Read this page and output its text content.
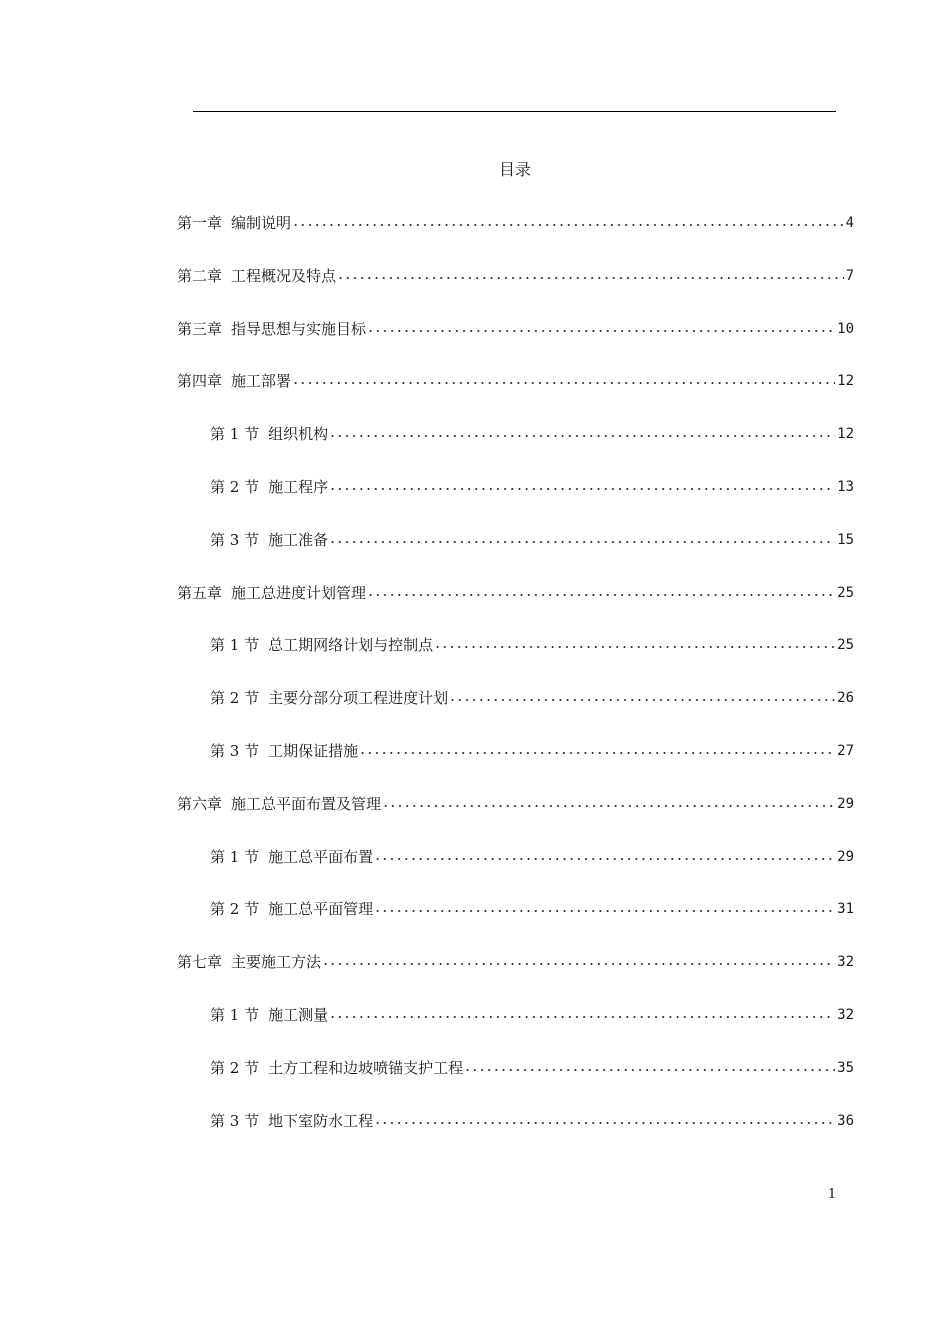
目录
第一章 编制说明	4
第二章 工程概况及特点	7
第三章 指导思想与实施目标	10
第四章 施工部署	12
第 1 节 组织机构	12
第 2 节 施工程序	13
第 3 节 施工准备	15
第五章 施工总进度计划管理	25
第 1 节 总工期网络计划与控制点	25
第 2 节 主要分部分项工程进度计划	26
第 3 节 工期保证措施	27
第六章 施工总平面布置及管理	29
第 1 节 施工总平面布置	29
第 2 节 施工总平面管理	31
第七章 主要施工方法	32
第 1 节 施工测量	32
第 2 节 土方工程和边坡喷锚支护工程	35
第 3 节 地下室防水工程	36
1
